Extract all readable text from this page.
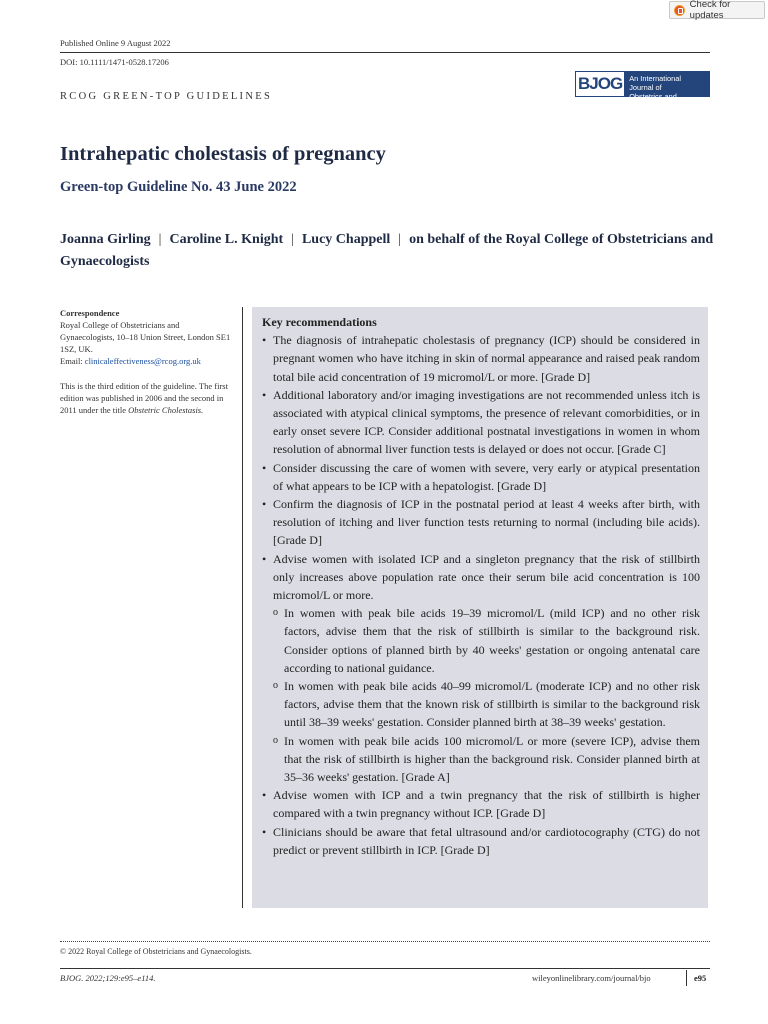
Check for updates
Published Online 9 August 2022
DOI: 10.1111/1471-0528.17206
BJOG An International Journal of
Obstetrics and Gynaecology
RCOG GREEN-TOP GUIDELINES
Intrahepatic cholestasis of pregnancy
Green-top Guideline No. 43 June 2022
Joanna Girling | Caroline L. Knight | Lucy Chappell | on behalf of the Royal College of Obstetricians and Gynaecologists
Correspondence
Royal College of Obstetricians and Gynaecologists, 10–18 Union Street, London SE1 1SZ, UK.
Email: clinicaleffectiveness@rcog.org.uk
This is the third edition of the guideline. The first edition was published in 2006 and the second in 2011 under the title Obstetric Cholestasis.
Key recommendations
• The diagnosis of intrahepatic cholestasis of pregnancy (ICP) should be considered in pregnant women who have itching in skin of normal appearance and raised peak random total bile acid concentration of 19 micromol/L or more. [Grade D]
• Additional laboratory and/or imaging investigations are not recommended unless itch is associated with atypical clinical symptoms, the presence of relevant comorbidities, or in early onset severe ICP. Consider additional postnatal investigations in women in whom resolution of abnormal liver function tests is delayed or does not occur. [Grade C]
• Consider discussing the care of women with severe, very early or atypical presentation of what appears to be ICP with a hepatologist. [Grade D]
• Confirm the diagnosis of ICP in the postnatal period at least 4 weeks after birth, with resolution of itching and liver function tests returning to normal (including bile acids). [Grade D]
• Advise women with isolated ICP and a singleton pregnancy that the risk of stillbirth only increases above population rate once their serum bile acid concentration is 100 micromol/L or more.
o In women with peak bile acids 19–39 micromol/L (mild ICP) and no other risk factors, advise them that the risk of stillbirth is similar to the background risk. Consider options of planned birth by 40 weeks' gestation or ongoing antenatal care according to national guidance.
o In women with peak bile acids 40–99 micromol/L (moderate ICP) and no other risk factors, advise them that the known risk of stillbirth is similar to the background risk until 38–39 weeks' gestation. Consider planned birth at 38–39 weeks' gestation.
o In women with peak bile acids 100 micromol/L or more (severe ICP), advise them that the risk of stillbirth is higher than the background risk. Consider planned birth at 35–36 weeks' gestation. [Grade A]
• Advise women with ICP and a twin pregnancy that the risk of stillbirth is higher compared with a twin pregnancy without ICP. [Grade D]
• Clinicians should be aware that fetal ultrasound and/or cardiotocography (CTG) do not predict or prevent stillbirth in ICP. [Grade D]
© 2022 Royal College of Obstetricians and Gynaecologists.
BJOG. 2022;129:e95–e114.	wileyonlinelibrary.com/journal/bjo	e95
